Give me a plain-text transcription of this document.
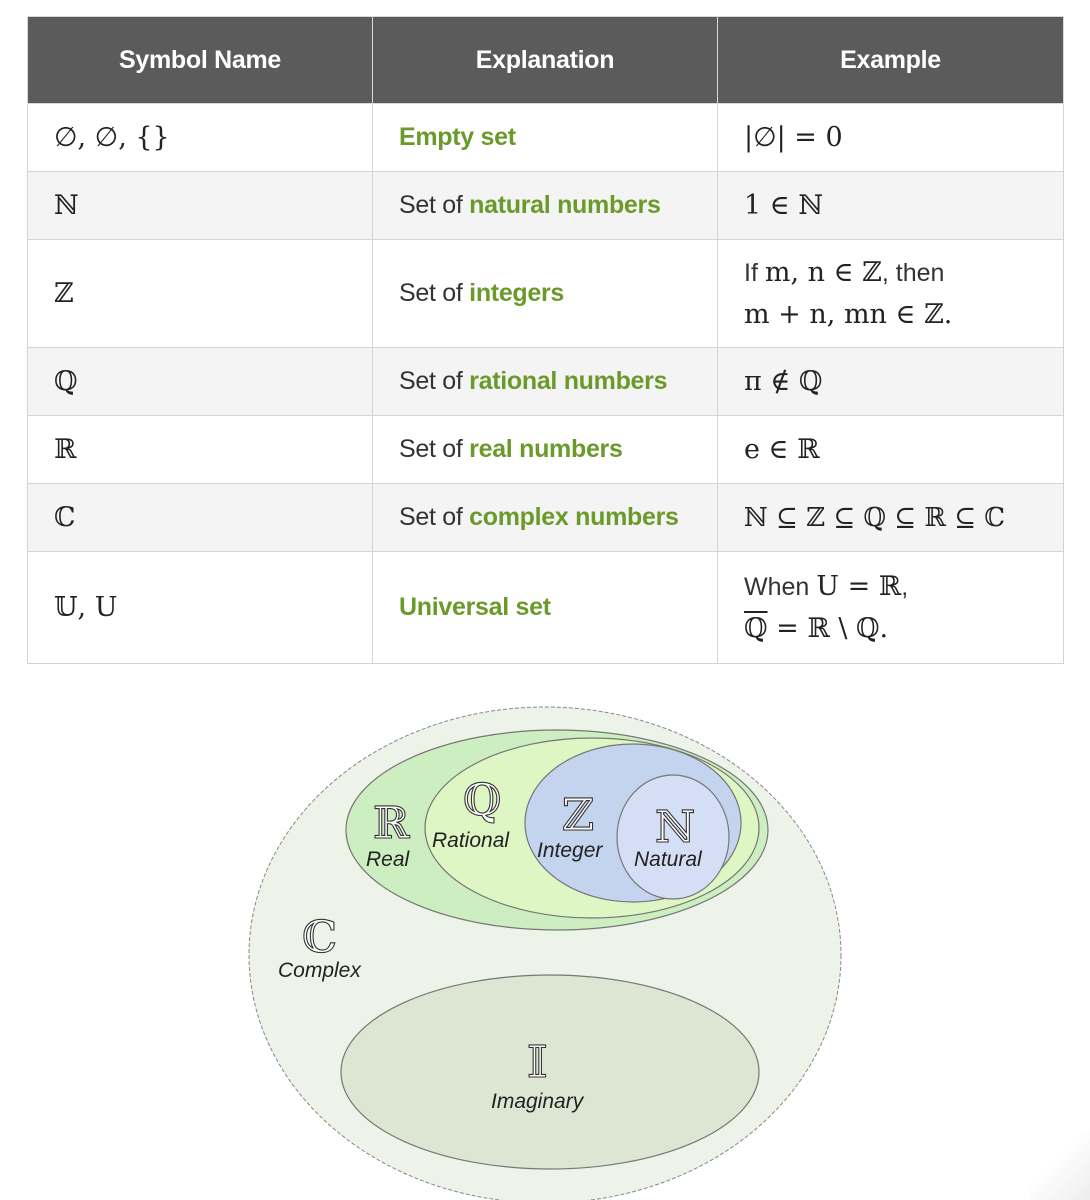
Symbol Name	Explanation	Example
∅, ∅, {}	Empty set	|∅| = 0
ℕ	Set of natural numbers	1 ∈ ℕ
ℤ	Set of integers	If m, n ∈ ℤ, then
m + n, mn ∈ ℤ.

ℚ	Set of rational numbers	π ∉ ℚ
ℝ	Set of real numbers	e ∈ ℝ
ℂ	Set of complex numbers	ℕ ⊆ ℤ ⊆ ℚ ⊆ ℝ ⊆ ℂ
𝕌, U	Universal set	When U = ℝ,
ℚ = ℝ \ ℚ.
ℂ
Complex
ℝ
Real
ℚ
Rational ℤ
Integer ℕ
Natural
𝕀
Imaginary
